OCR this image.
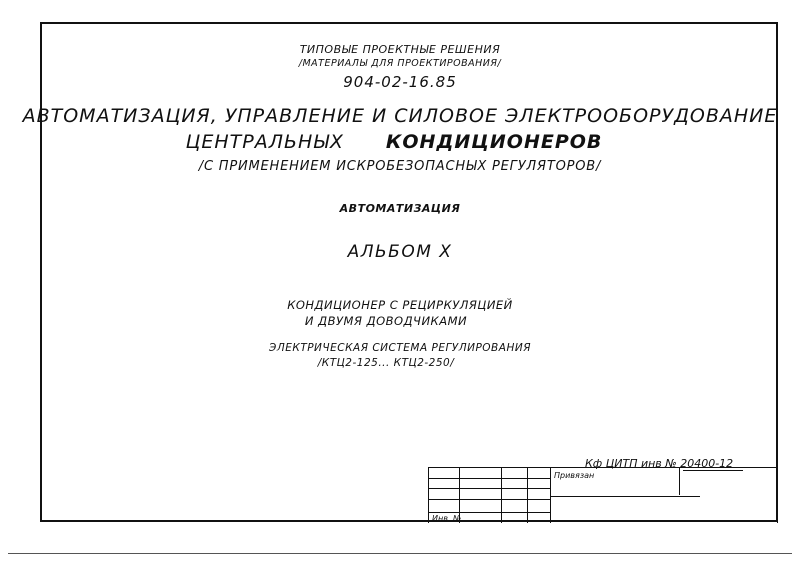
ТИПОВЫЕ ПРОЕКТНЫЕ РЕШЕНИЯ
/МАТЕРИАЛЫ ДЛЯ ПРОЕКТИРОВАНИЯ/
904-02-16.85
АВТОМАТИЗАЦИЯ, УПРАВЛЕНИЕ И СИЛОВОЕ ЭЛЕКТРООБОРУДОВАНИЕ
ЦЕНТРАЛЬНЫХ КОНДИЦИОНЕРОВ
/С ПРИМЕНЕНИЕМ ИСКРОБЕЗОПАСНЫХ РЕГУЛЯТОРОВ/
АВТОМАТИЗАЦИЯ
АЛЬБОМ X
КОНДИЦИОНЕР С РЕЦИРКУЛЯЦИЕЙ
И ДВУМЯ ДОВОДЧИКАМИ
ЭЛЕКТРИЧЕСКАЯ СИСТЕМА РЕГУЛИРОВАНИЯ
/КТЦ2-125... КТЦ2-250/
Кф ЦИТП инв № 20400-12
Привязан
Инв. №
